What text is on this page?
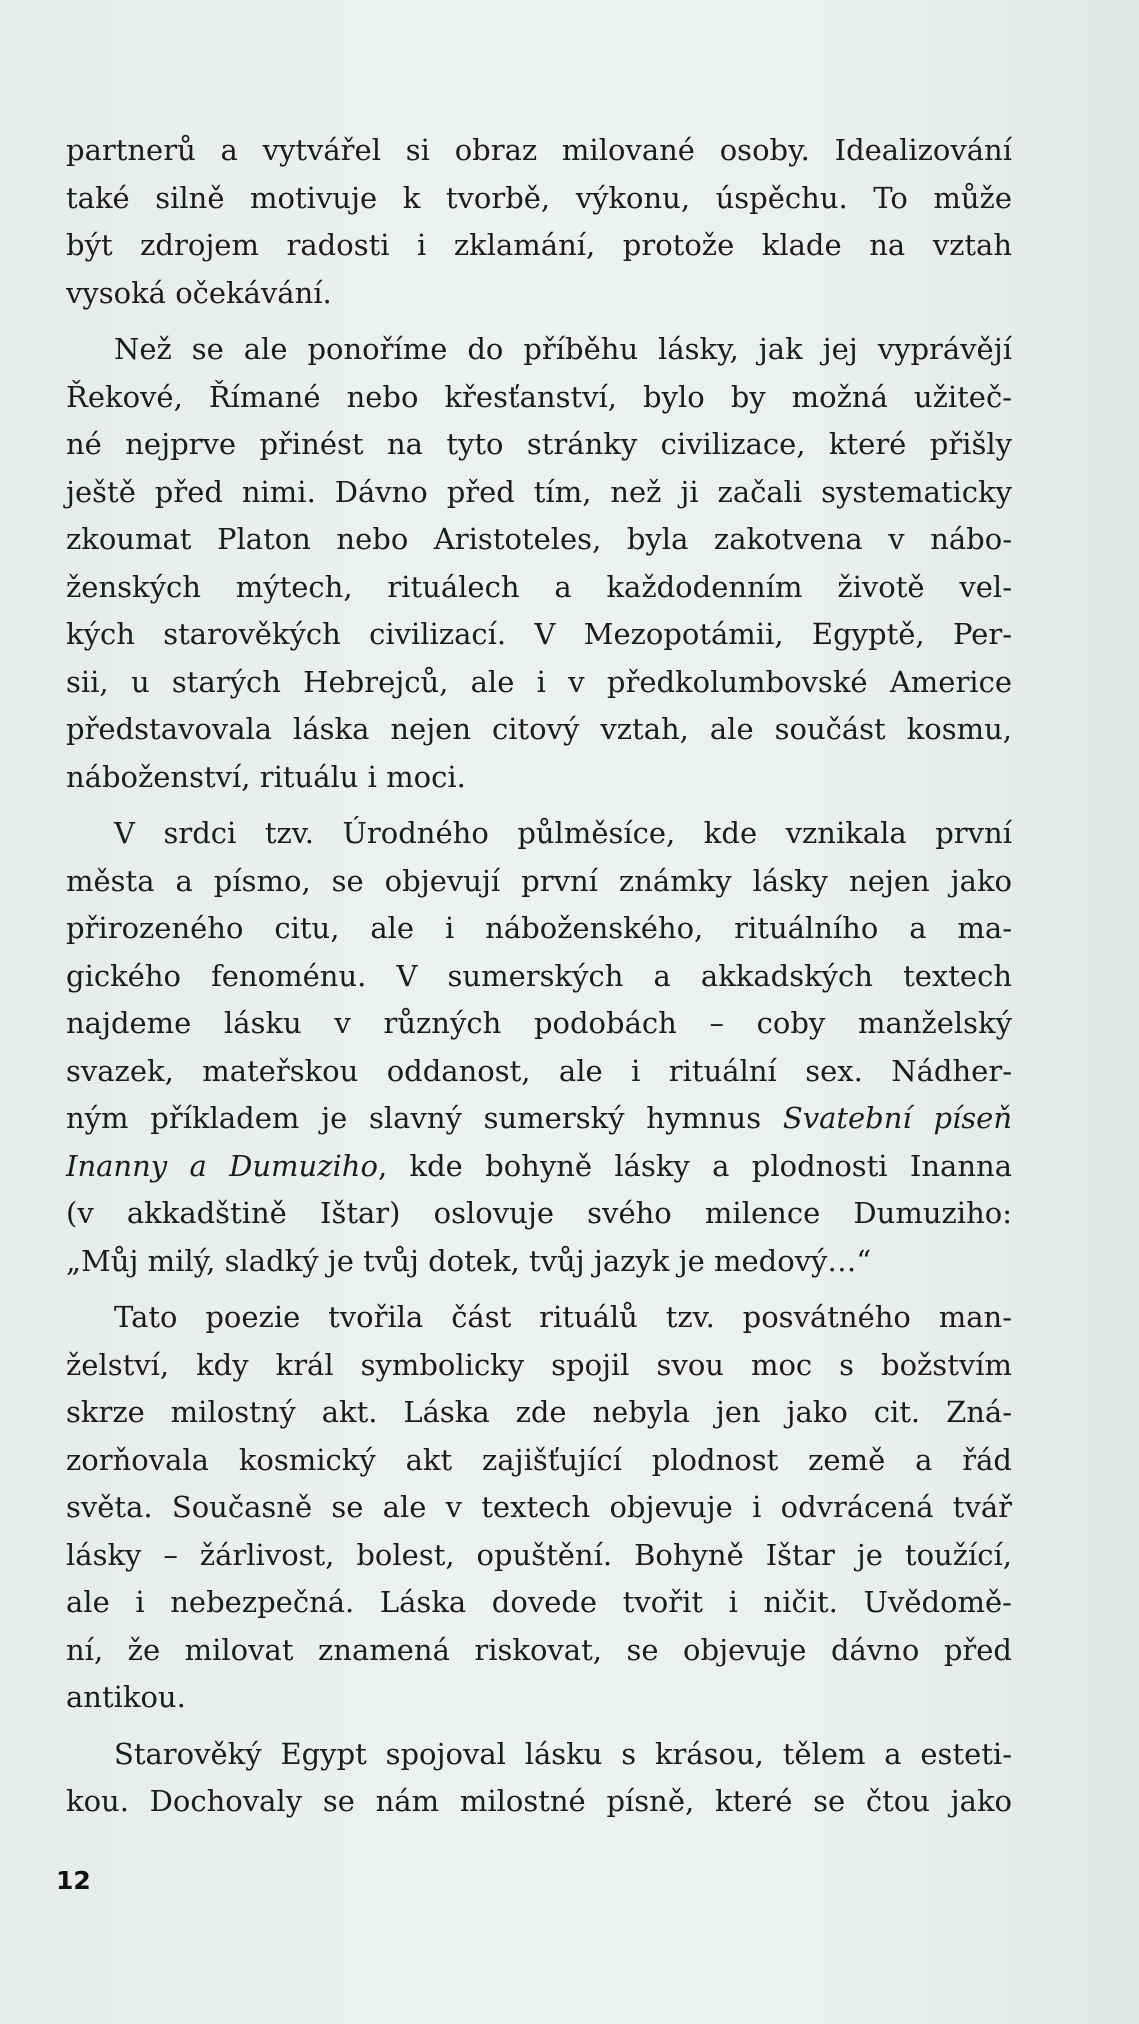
partnerů a vytvářel si obraz milované osoby. Idealizování
také silně motivuje k tvorbě, výkonu, úspěchu. To může
být zdrojem radosti i zklamání, protože klade na vztah
vysoká očekávání.

Než se ale ponoříme do příběhu lásky, jak jej vyprávějí
Řekové, Římané nebo křesťanství, bylo by možná užiteč-
né nejprve přinést na tyto stránky civilizace, které přišly
ještě před nimi. Dávno před tím, než ji začali systematicky
zkoumat Platon nebo Aristoteles, byla zakotvena v nábo-
ženských mýtech, rituálech a každodenním životě vel-
kých starověkých civilizací. V Mezopotámii, Egyptě, Per-
sii, u starých Hebrejců, ale i v předkolumbovské Americe
představovala láska nejen citový vztah, ale součást kosmu,
náboženství, rituálu i moci.

V srdci tzv. Úrodného půlměsíce, kde vznikala první
města a písmo, se objevují první známky lásky nejen jako
přirozeného citu, ale i náboženského, rituálního a ma-
gického fenoménu. V sumerských a akkadských textech
najdeme lásku v různých podobách – coby manželský
svazek, mateřskou oddanost, ale i rituální sex. Nádher-
ným příkladem je slavný sumerský hymnus Svatební píseň
Inanny a Dumuziho, kde bohyně lásky a plodnosti Inanna
(v akkadštině Ištar) oslovuje svého milence Dumuziho:
„Můj milý, sladký je tvůj dotek, tvůj jazyk je medový…“

Tato poezie tvořila část rituálů tzv. posvátného man-
želství, kdy král symbolicky spojil svou moc s božstvím
skrze milostný akt. Láska zde nebyla jen jako cit. Zná-
zorňovala kosmický akt zajišťující plodnost země a řád
světa. Současně se ale v textech objevuje i odvrácená tvář
lásky – žárlivost, bolest, opuštění. Bohyně Ištar je toužící,
ale i nebezpečná. Láska dovede tvořit i ničit. Uvědomě-
ní, že milovat znamená riskovat, se objevuje dávno před
antikou.

Starověký Egypt spojoval lásku s krásou, tělem a esteti-
kou. Dochovaly se nám milostné písně, které se čtou jako

12
